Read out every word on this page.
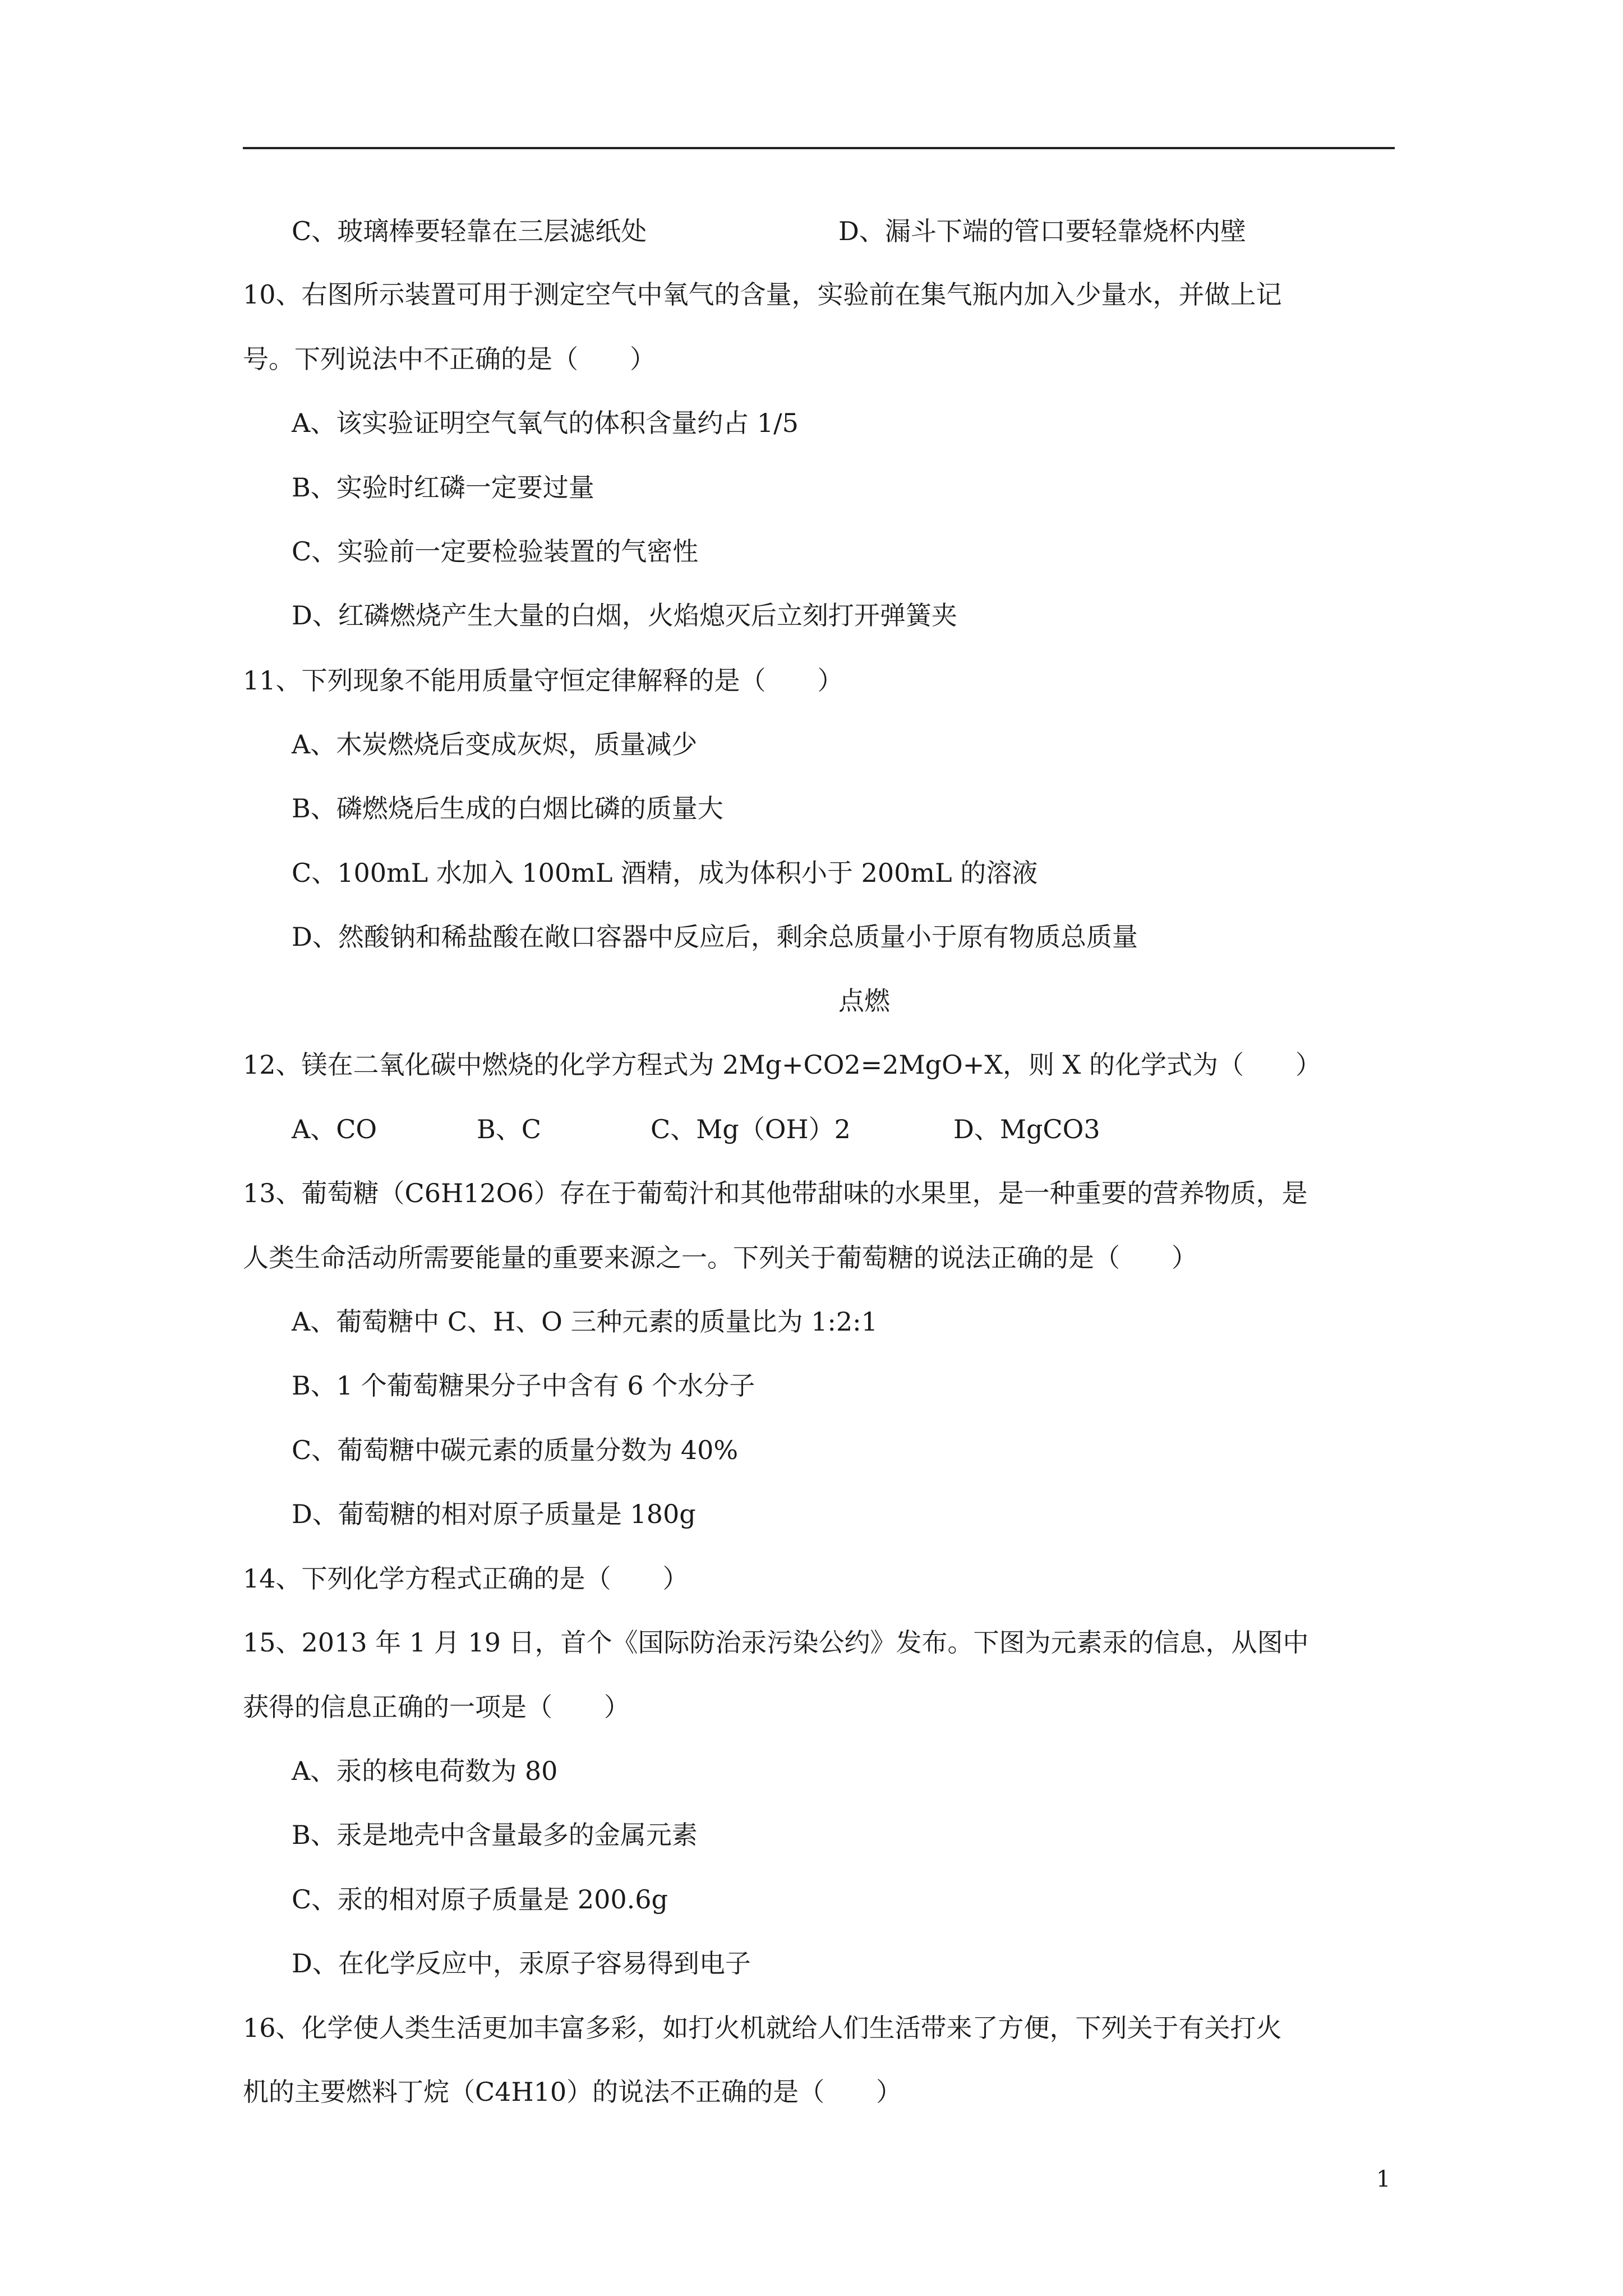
C、玻璃棒要轻靠在三层滤纸处	D、漏斗下端的管口要轻靠烧杯内壁
10、右图所示装置可用于测定空气中氧气的含量，实验前在集气瓶内加入少量水，并做上记
号。下列说法中不正确的是（　　）
A、该实验证明空气氧气的体积含量约占 1/5
B、实验时红磷一定要过量
C、实验前一定要检验装置的气密性
D、红磷燃烧产生大量的白烟，火焰熄灭后立刻打开弹簧夹
11、下列现象不能用质量守恒定律解释的是（　　）
A、木炭燃烧后变成灰烬，质量减少
B、磷燃烧后生成的白烟比磷的质量大
C、100mL 水加入 100mL 酒精，成为体积小于 200mL 的溶液
D、然酸钠和稀盐酸在敞口容器中反应后，剩余总质量小于原有物质总质量
点燃
12、镁在二氧化碳中燃烧的化学方程式为 2Mg+CO2=2MgO+X，则 X 的化学式为（　　）
A、CO	B、C	C、Mg（OH）2	D、MgCO3
13、葡萄糖（C6H12O6）存在于葡萄汁和其他带甜味的水果里，是一种重要的营养物质，是
人类生命活动所需要能量的重要来源之一。下列关于葡萄糖的说法正确的是（　　）
A、葡萄糖中 C、H、O 三种元素的质量比为 1:2:1
B、1 个葡萄糖果分子中含有 6 个水分子
C、葡萄糖中碳元素的质量分数为 40%
D、葡萄糖的相对原子质量是 180g
14、下列化学方程式正确的是（　　）
15、2013 年 1 月 19 日，首个《国际防治汞污染公约》发布。下图为元素汞的信息，从图中
获得的信息正确的一项是（　　）
A、汞的核电荷数为 80
B、汞是地壳中含量最多的金属元素
C、汞的相对原子质量是 200.6g
D、在化学反应中，汞原子容易得到电子
16、化学使人类生活更加丰富多彩，如打火机就给人们生活带来了方便，下列关于有关打火
机的主要燃料丁烷（C4H10）的说法不正确的是（　　）
1
